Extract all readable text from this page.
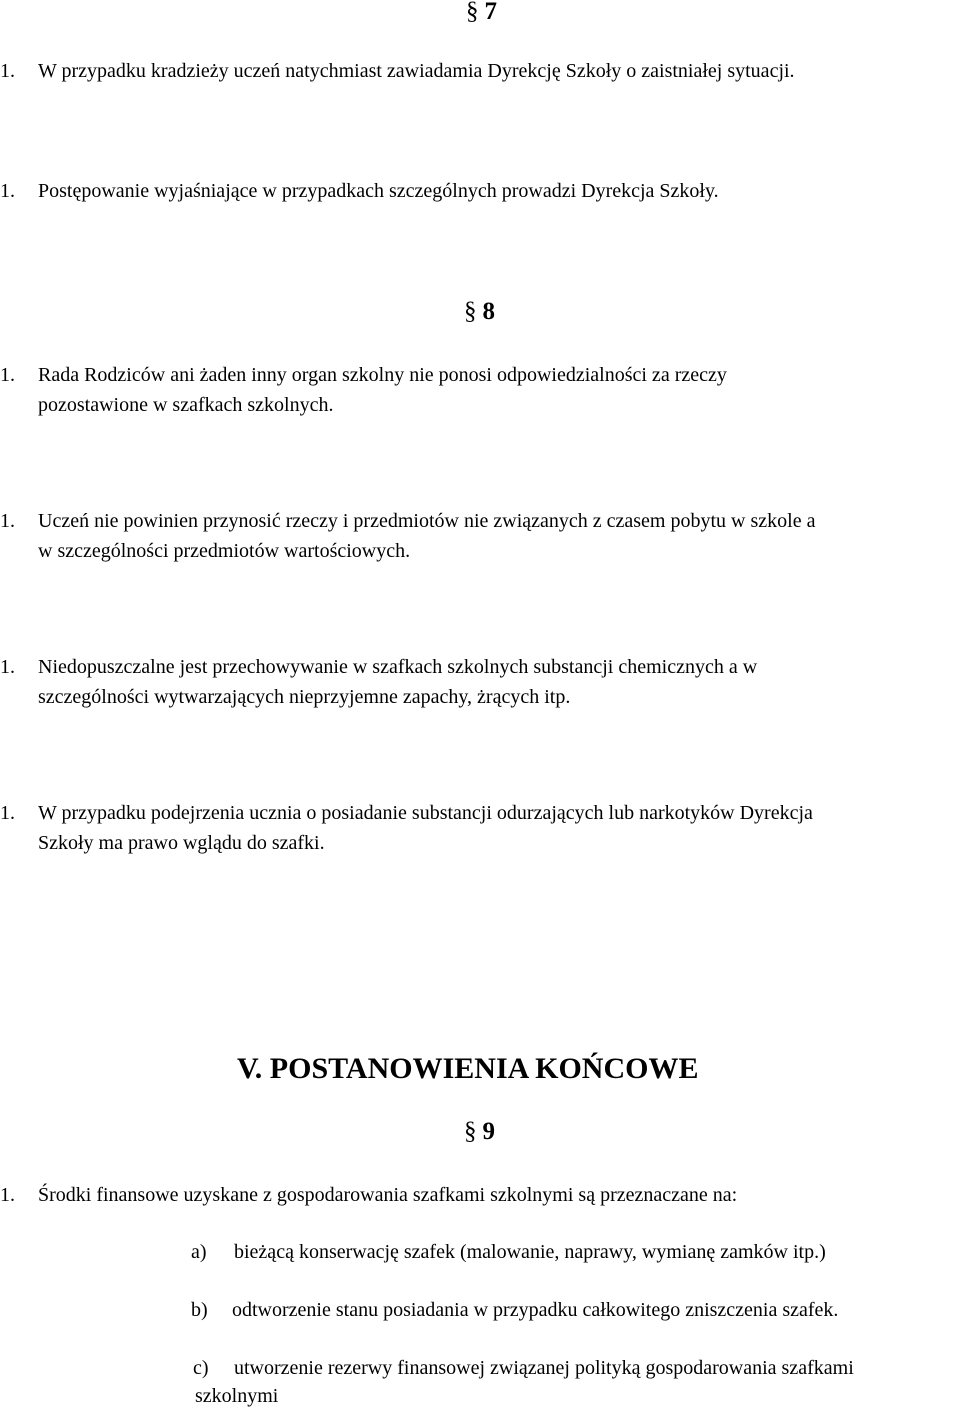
§ 7
1. W przypadku kradzieży uczeń natychmiast zawiadamia Dyrekcję Szkoły o zaistniałej sytuacji.
1. Postępowanie wyjaśniające w przypadkach szczególnych prowadzi Dyrekcja Szkoły.
§ 8
1. Rada Rodziców ani żaden inny organ szkolny nie ponosi odpowiedzialności za rzeczy
pozostawione w szafkach szkolnych.
1. Uczeń nie powinien przynosić rzeczy i przedmiotów nie związanych z czasem pobytu w szkole a
w szczególności przedmiotów wartościowych.
1. Niedopuszczalne jest przechowywanie w szafkach szkolnych substancji chemicznych a w
szczególności wytwarzających nieprzyjemne zapachy, żrących itp.
1. W przypadku podejrzenia ucznia o posiadanie substancji odurzających lub narkotyków Dyrekcja
Szkoły ma prawo wglądu do szafki.
V. POSTANOWIENIA KOŃCOWE
§ 9
1. Środki finansowe uzyskane z gospodarowania szafkami szkolnymi są przeznaczane na:
a) bieżącą konserwację szafek (malowanie, naprawy, wymianę zamków itp.)
b) odtworzenie stanu posiadania w przypadku całkowitego zniszczenia szafek.
c) utworzenie rezerwy finansowej związanej polityką gospodarowania szafkami
szkolnymi
